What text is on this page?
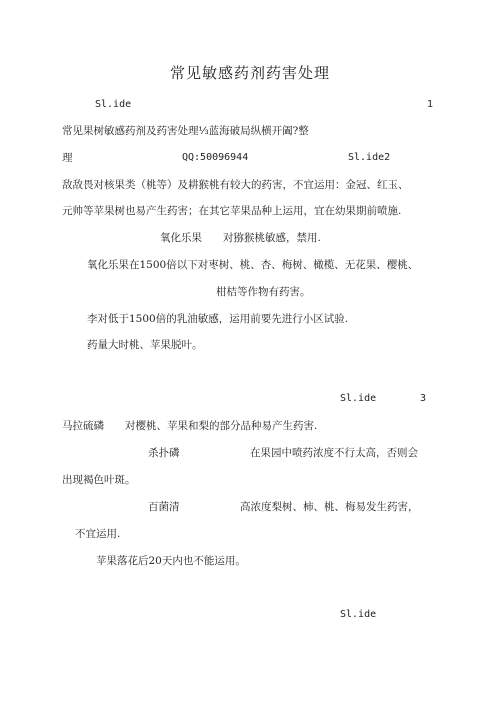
常见敏感药剂药害处理
Sl.ide	1
常见果树敏感药剂及药害处理⅓蓝海破局纵横开阖?整
理	QQ:50096944	Sl.ide2
敌敌畏对核果类（桃等）及耕猴桃有较大的药害，不宜运用：金冠、红玉、
元帅等苹果树也易产生药害；在其它苹果品种上运用，宜在幼果期前喷施.
氧化乐果　　对猕猴桃敏感，禁用.
氧化乐果在1500倍以下对枣树、桃、杏、梅树、橄榄、无花果、樱桃、
柑桔等作物有药害。
李对低于1500倍的乳油敏感，运用前要先进行小区试验.
药量大时桃、苹果脱叶。
Sl.ide	3
马拉硫磷　　对樱桃、苹果和梨的部分品种易产生药害.
杀扑磷	在果园中喷药浓度不行太高，否则会
出现褐色叶斑。
百菌清	高浓度梨树、柿、桃、梅易发生药害，
不宜运用.
苹果落花后20天内也不能运用。
Sl.ide
